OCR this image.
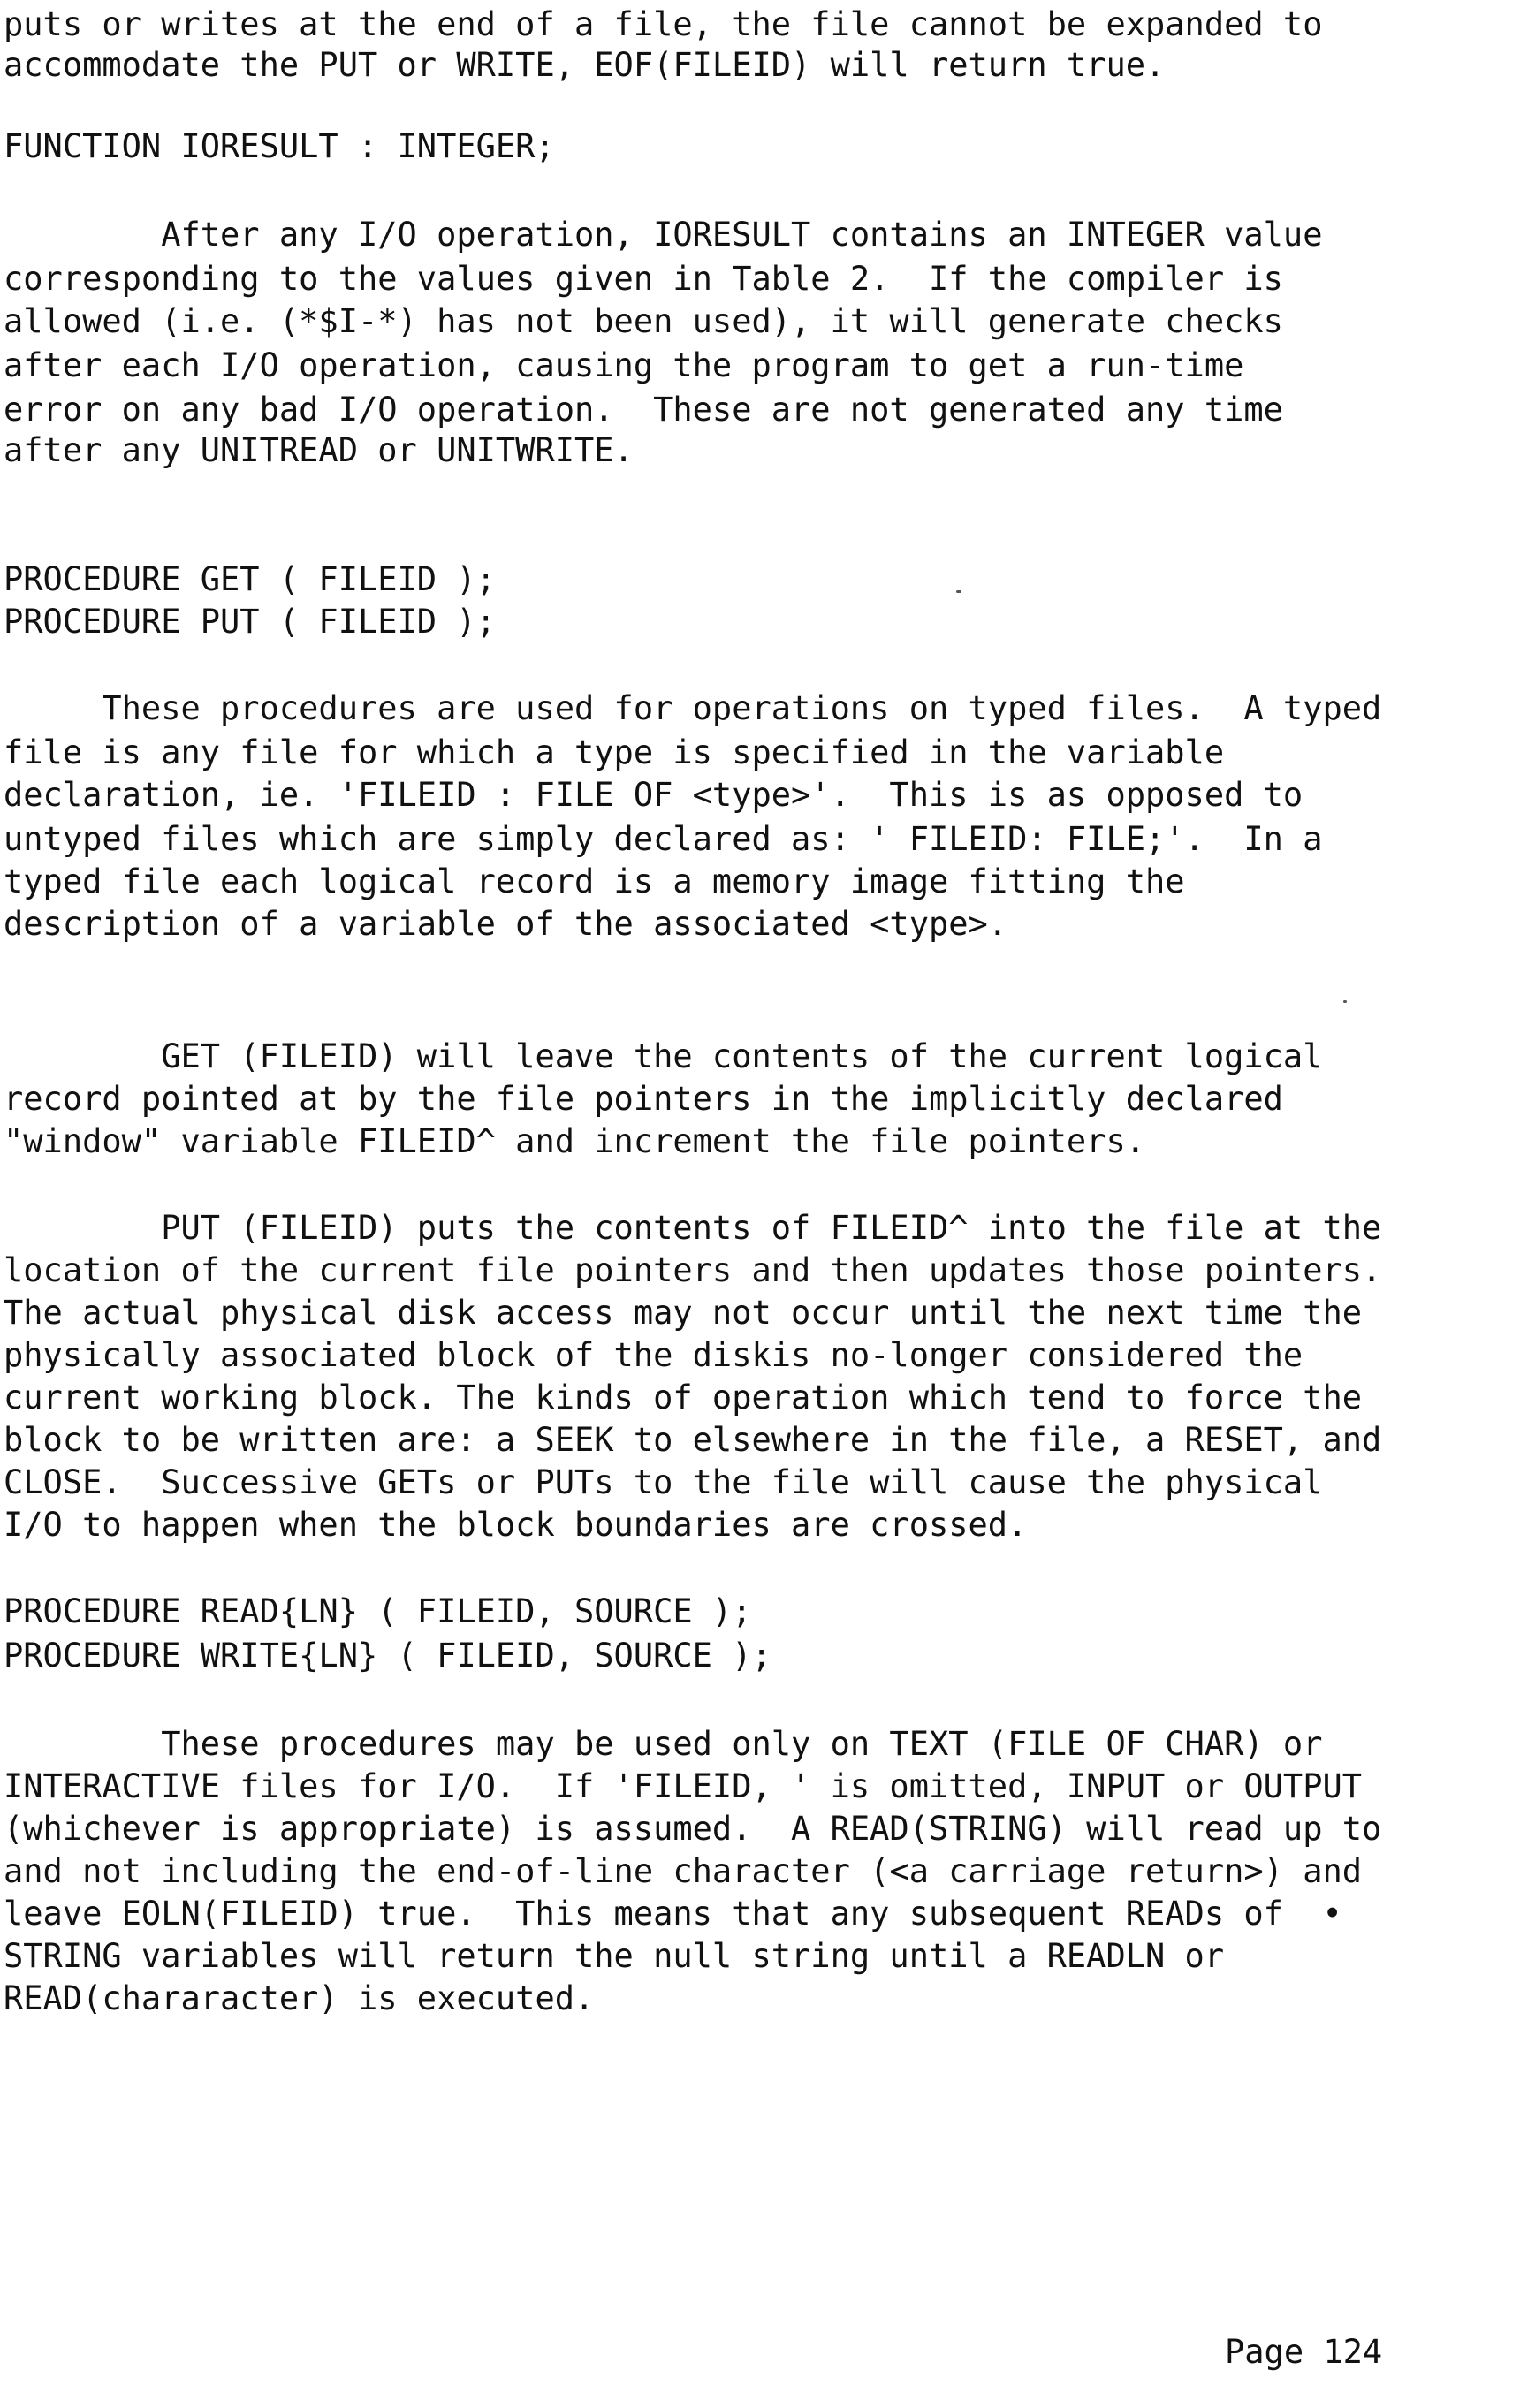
puts or writes at the end of a file, the file cannot be expanded to
accommodate the PUT or WRITE, EOF(FILEID) will return true.
FUNCTION IORESULT : INTEGER;
After any I/O operation, IORESULT contains an INTEGER value
corresponding to the values given in Table 2.  If the compiler is
allowed (i.e. (*$I-*) has not been used), it will generate checks
after each I/O operation, causing the program to get a run-time
error on any bad I/O operation.  These are not generated any time
after any UNITREAD or UNITWRITE.
PROCEDURE GET ( FILEID );
PROCEDURE PUT ( FILEID );
These procedures are used for operations on typed files.  A typed
file is any file for which a type is specified in the variable
declaration, ie. 'FILEID : FILE OF <type>'.  This is as opposed to
untyped files which are simply declared as: ' FILEID: FILE;'.  In a
typed file each logical record is a memory image fitting the
description of a variable of the associated <type>.
GET (FILEID) will leave the contents of the current logical
record pointed at by the file pointers in the implicitly declared
"window" variable FILEID^ and increment the file pointers.
PUT (FILEID) puts the contents of FILEID^ into the file at the
location of the current file pointers and then updates those pointers.
The actual physical disk access may not occur until the next time the
physically associated block of the diskis no-longer considered the
current working block. The kinds of operation which tend to force the
block to be written are: a SEEK to elsewhere in the file, a RESET, and
CLOSE.  Successive GETs or PUTs to the file will cause the physical
I/O to happen when the block boundaries are crossed.
PROCEDURE READ{LN} ( FILEID, SOURCE );
PROCEDURE WRITE{LN} ( FILEID, SOURCE );
These procedures may be used only on TEXT (FILE OF CHAR) or
INTERACTIVE files for I/O.  If 'FILEID, ' is omitted, INPUT or OUTPUT
(whichever is appropriate) is assumed.  A READ(STRING) will read up to
and not including the end-of-line character (<a carriage return>) and
leave EOLN(FILEID) true.  This means that any subsequent READs of  •
STRING variables will return the null string until a READLN or
READ(chararacter) is executed.
Page 124
